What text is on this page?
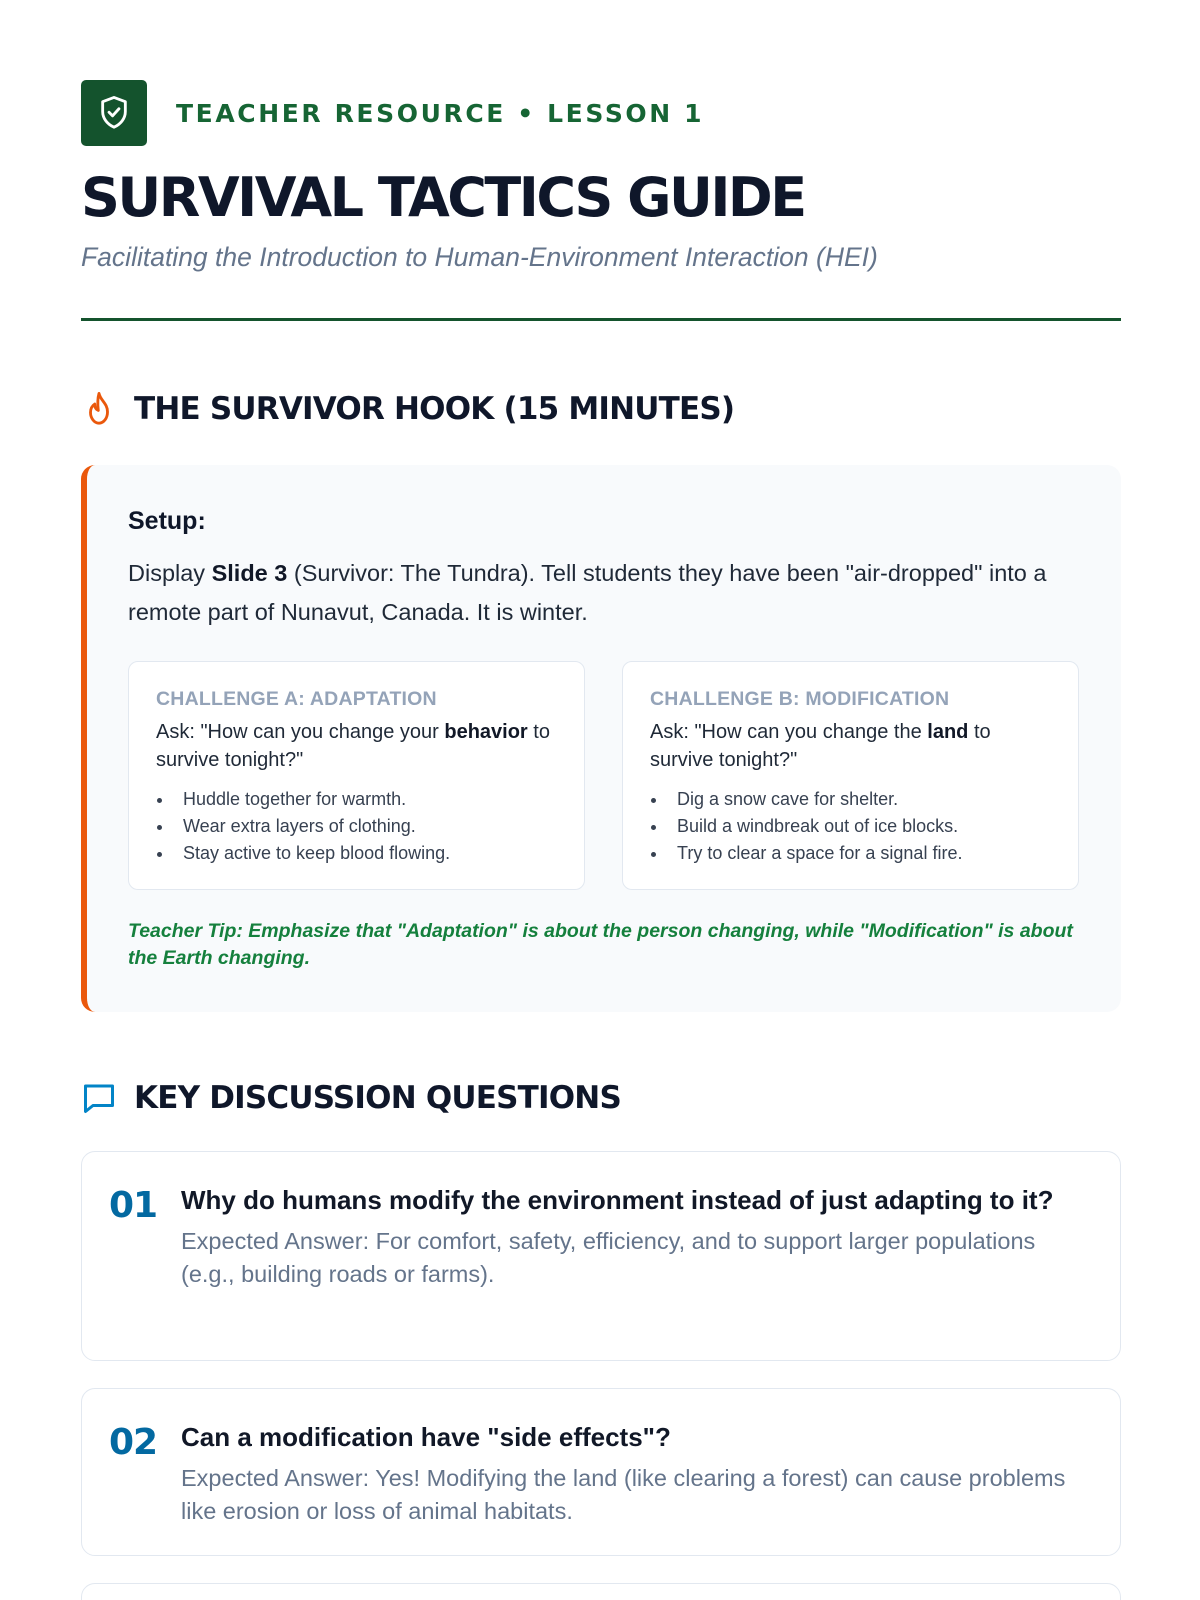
TEACHER RESOURCE • LESSON 1
SURVIVAL TACTICS GUIDE
Facilitating the Introduction to Human-Environment Interaction (HEI)
THE SURVIVOR HOOK (15 MINUTES)
Setup:

Display Slide 3 (Survivor: The Tundra). Tell students they have been "air-dropped" into a remote part of Nunavut, Canada. It is winter.

CHALLENGE A: ADAPTATION

Ask: "How can you change your behavior to survive tonight?"

Huddle together for warmth.
Wear extra layers of clothing.
Stay active to keep blood flowing.
CHALLENGE B: MODIFICATION

Ask: "How can you change the land to survive tonight?"

Dig a snow cave for shelter.
Build a windbreak out of ice blocks.
Try to clear a space for a signal fire.

Teacher Tip: Emphasize that "Adaptation" is about the person changing, while "Modification" is about the Earth changing.

KEY DISCUSSION QUESTIONS
01 Why do humans modify the environment instead of just adapting to it?
Expected Answer: For comfort, safety, efficiency, and to support larger populations (e.g., building roads or farms).
02 Can a modification have "side effects"?
Expected Answer: Yes! Modifying the land (like clearing a forest) can cause problems like erosion or loss of animal habitats.
